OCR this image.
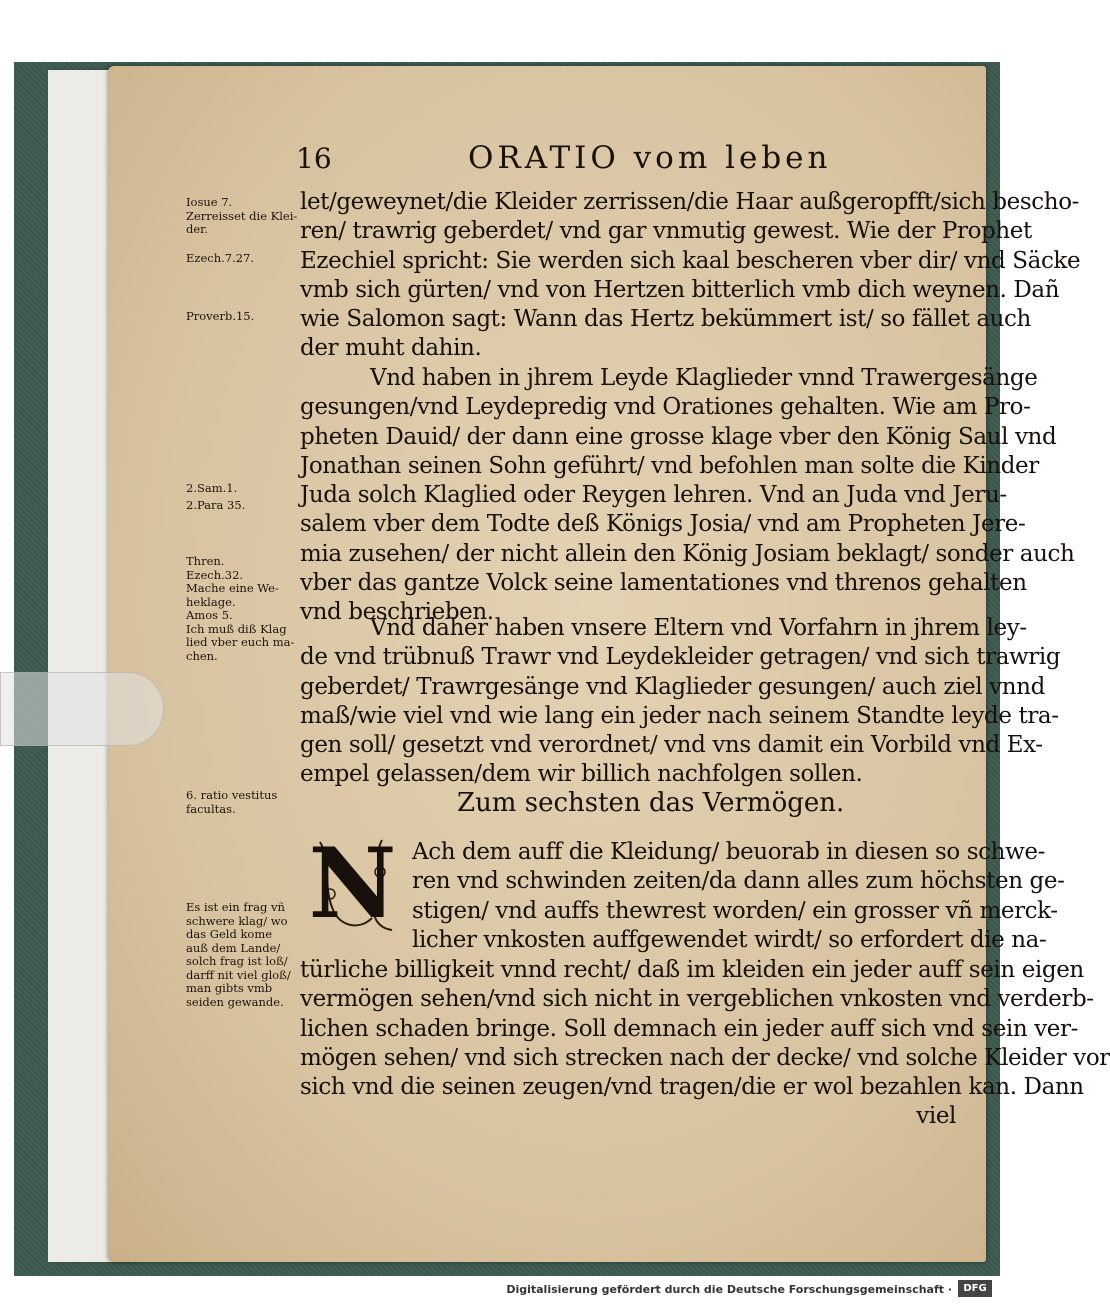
16	ORATIO vom leben
Iosue 7.
Zerreisset die Klei-
der.
Ezech.7.27.
Proverb.15.
2.Sam.1.
2.Para 35.
Thren.
Ezech.32.
Mache eine We-
heklage.
Amos 5.
Ich muß diß Klag
lied vber euch ma-
chen.
6. ratio vestitus
facultas.
Es ist ein frag vñ
schwere klag/ wo
das Geld kome
auß dem Lande/
solch frag ist loß/
darff nit viel gloß/
man gibts vmb
seiden gewande.
let/geweynet/die Kleider zerrissen/die Haar außgeropfft/sich bescho-
ren/ trawrig geberdet/ vnd gar vnmutig gewest. Wie der Prophet
Ezechiel spricht: Sie werden sich kaal bescheren vber dir/ vnd Säcke
vmb sich gürten/ vnd von Hertzen bitterlich vmb dich weynen. Dañ
wie Salomon sagt: Wann das Hertz bekümmert ist/ so fället auch
der muht dahin.
Vnd haben in jhrem Leyde Klaglieder vnnd Trawergesänge
gesungen/vnd Leydepredig vnd Orationes gehalten. Wie am Pro-
pheten Dauid/ der dann eine grosse klage vber den König Saul vnd
Jonathan seinen Sohn geführt/ vnd befohlen man solte die Kinder
Juda solch Klaglied oder Reygen lehren. Vnd an Juda vnd Jeru-
salem vber dem Todte deß Königs Josia/ vnd am Propheten Jere-
mia zusehen/ der nicht allein den König Josiam beklagt/ sonder auch
vber das gantze Volck seine lamentationes vnd threnos gehalten
vnd beschrieben.
Vnd daher haben vnsere Eltern vnd Vorfahrn in jhrem ley-
de vnd trübnuß Trawr vnd Leydekleider getragen/ vnd sich trawrig
geberdet/ Trawrgesänge vnd Klaglieder gesungen/ auch ziel vnnd
maß/wie viel vnd wie lang ein jeder nach seinem Standte leyde tra-
gen soll/ gesetzt vnd verordnet/ vnd vns damit ein Vorbild vnd Ex-
empel gelassen/dem wir billich nachfolgen sollen.
Zum sechsten das Vermögen.
N Ach dem auff die Kleidung/ beuorab in diesen so schwe-
ren vnd schwinden zeiten/da dann alles zum höchsten ge-
stigen/ vnd auffs thewrest worden/ ein grosser vñ merck-
licher vnkosten auffgewendet wirdt/ so erfordert die na-
türliche billigkeit vnnd recht/ daß im kleiden ein jeder auff sein eigen
vermögen sehen/vnd sich nicht in vergeblichen vnkosten vnd verderb-
lichen schaden bringe. Soll demnach ein jeder auff sich vnd sein ver-
mögen sehen/ vnd sich strecken nach der decke/ vnd solche Kleider vor
sich vnd die seinen zeugen/vnd tragen/die er wol bezahlen kan. Dann
viel
Digitalisierung gefördert durch die Deutsche Forschungsgemeinschaft ·	DFG
